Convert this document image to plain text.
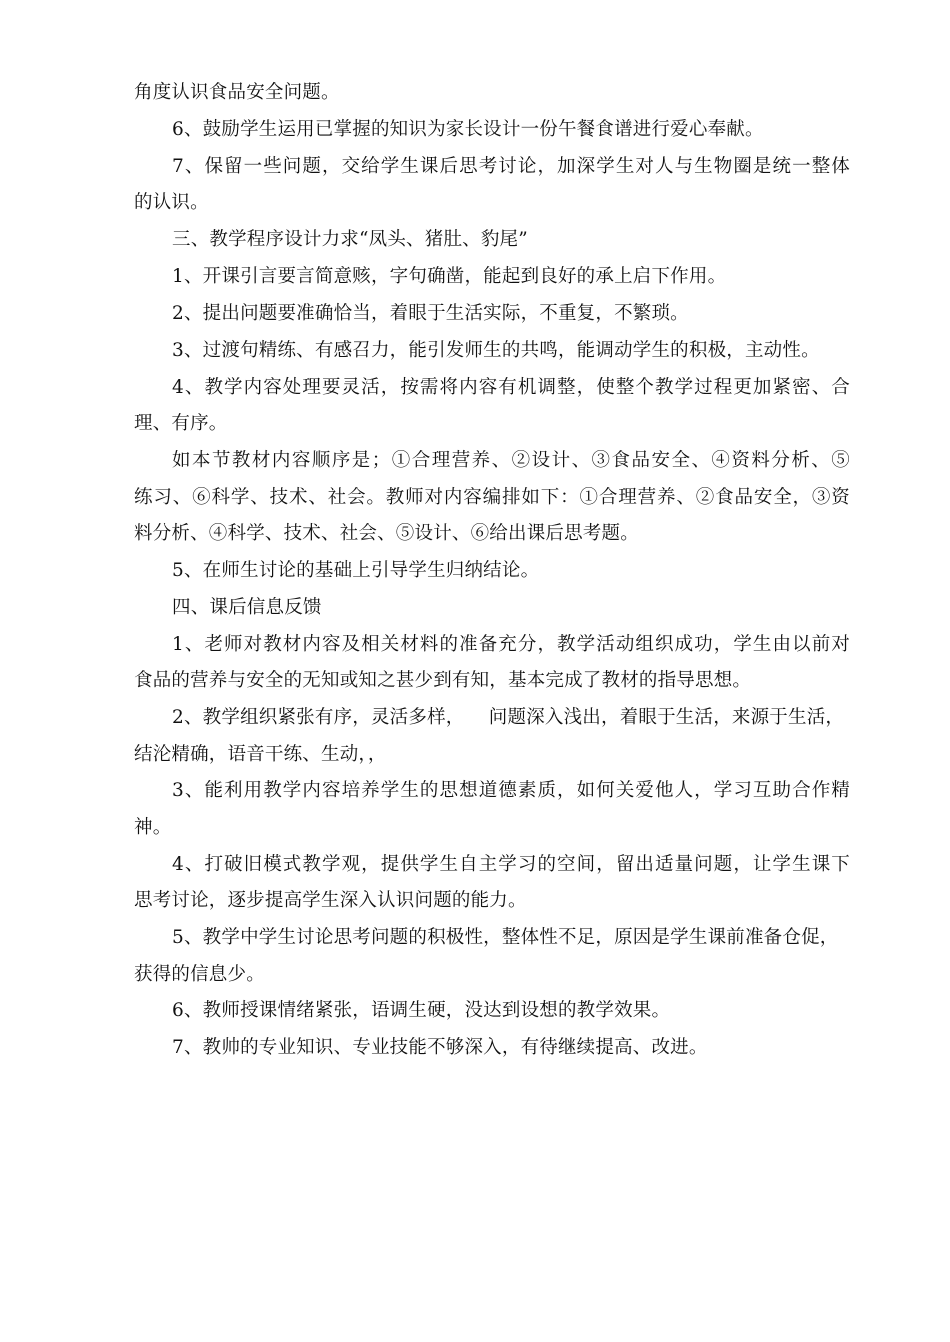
角度认识食品安全问题。
6、鼓励学生运用已掌握的知识为家长设计一份午餐食谱进行爱心奉献。
7、保留一些问题，交给学生课后思考讨论，加深学生对人与生物圈是统一整体
的认识。
三、教学程序设计力求“凤头、猪肚、豹尾”
1、开课引言要言简意赅，字句确凿，能起到良好的承上启下作用。
2、提出问题要准确恰当，着眼于生活实际，不重复，不繁琐。
3、过渡句精练、有感召力，能引发师生的共鸣，能调动学生的积极，主动性。
4、教学内容处理要灵活，按需将内容有机调整，使整个教学过程更加紧密、合
理、有序。
如本节教材内容顺序是；①合理营养、②设计、③食品安全、④资料分析、⑤
练习、⑥科学、技术、社会。教师对内容编排如下：①合理营养、②食品安全，③资
料分析、④科学、技术、社会、⑤设计、⑥给出课后思考题。
5、在师生讨论的基础上引导学生归纳结论。
四、课后信息反馈
1、老师对教材内容及相关材料的准备充分，教学活动组织成功，学生由以前对
食品的营养与安全的无知或知之甚少到有知，基本完成了教材的指导思想。
2、教学组织紧张有序，灵活多样，    问题深入浅出，着眼于生活，来源于生活，
结沦精确，语音干练、生动，，
3、能利用教学内容培养学生的思想道德素质，如何关爱他人，学习互助合作精
神。
4、打破旧模式教学观，提供学生自主学习的空间，留出适量问题，让学生课下
思考讨论，逐步提高学生深入认识问题的能力。
5、教学中学生讨论思考问题的积极性，整体性不足，原因是学生课前准备仓促，
获得的信息少。
6、教师授课情绪紧张，语调生硬，没达到设想的教学效果。
7、教帅的专业知识、专业技能不够深入，有待继续提高、改进。
